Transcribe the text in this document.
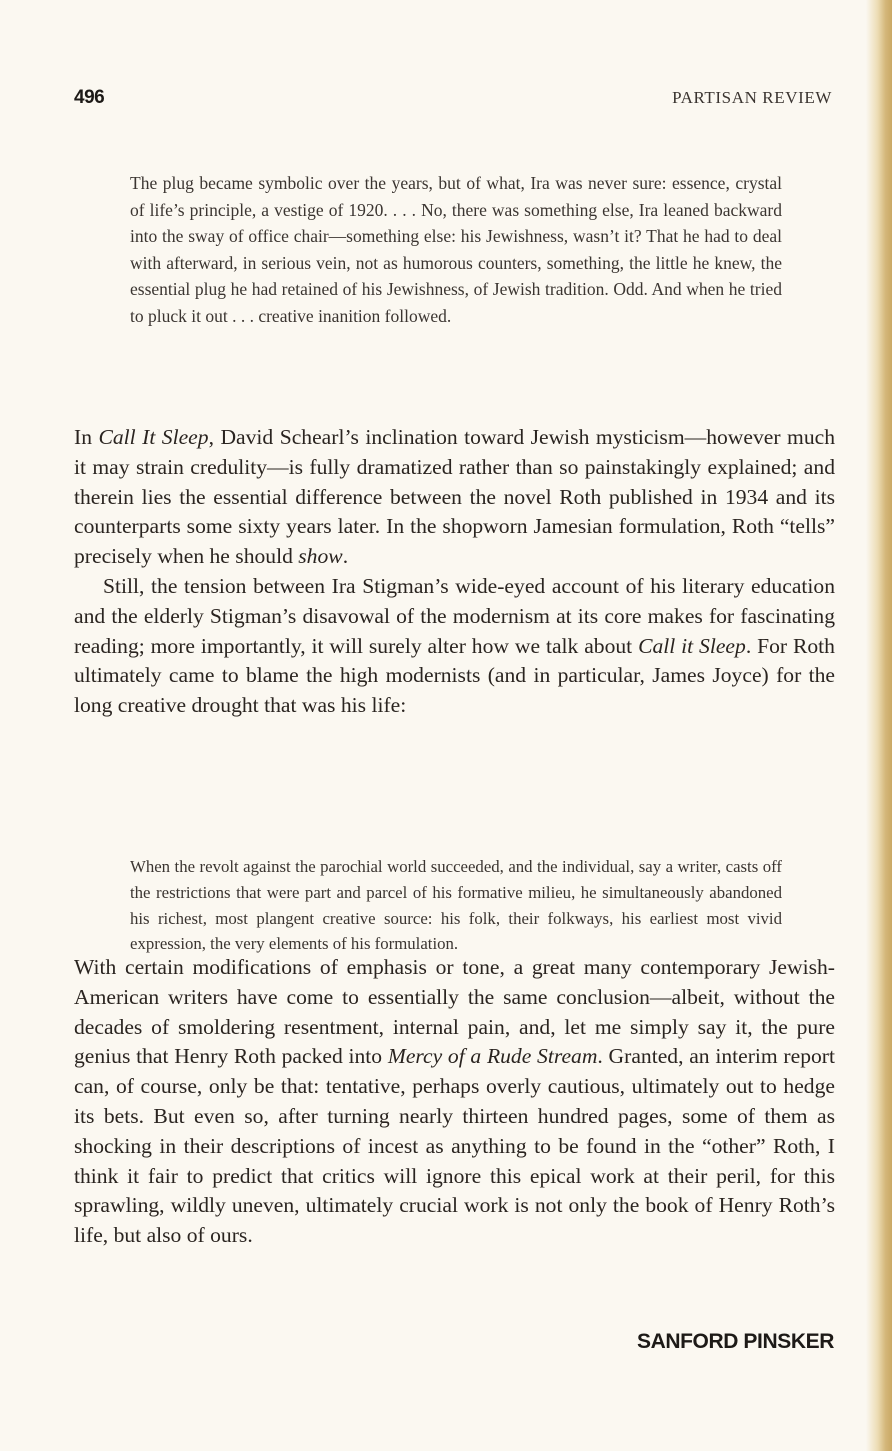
496	PARTISAN REVIEW
The plug became symbolic over the years, but of what, Ira was never sure: essence, crystal of life’s principle, a vestige of 1920. . . . No, there was something else, Ira leaned backward into the sway of office chair—something else: his Jewishness, wasn’t it? That he had to deal with afterward, in serious vein, not as humorous counters, something, the little he knew, the essential plug he had retained of his Jewishness, of Jewish tradition. Odd. And when he tried to pluck it out . . . creative inanition followed.

In Call It Sleep, David Schearl’s inclination toward Jewish mysticism—however much it may strain credulity—is fully dramatized rather than so painstakingly explained; and therein lies the essential difference between the novel Roth published in 1934 and its counterparts some sixty years later. In the shopworn Jamesian formulation, Roth “tells” precisely when he should show.

Still, the tension between Ira Stigman’s wide-eyed account of his literary education and the elderly Stigman’s disavowal of the modernism at its core makes for fascinating reading; more importantly, it will surely alter how we talk about Call it Sleep. For Roth ultimately came to blame the high modernists (and in particular, James Joyce) for the long creative drought that was his life:

When the revolt against the parochial world succeeded, and the individual, say a writer, casts off the restrictions that were part and parcel of his formative milieu, he simultaneously abandoned his richest, most plangent creative source: his folk, their folkways, his earliest most vivid expression, the very elements of his formulation.

With certain modifications of emphasis or tone, a great many contemporary Jewish-American writers have come to essentially the same conclusion—albeit, without the decades of smoldering resentment, internal pain, and, let me simply say it, the pure genius that Henry Roth packed into Mercy of a Rude Stream. Granted, an interim report can, of course, only be that: tentative, perhaps overly cautious, ultimately out to hedge its bets. But even so, after turning nearly thirteen hundred pages, some of them as shocking in their descriptions of incest as anything to be found in the “other” Roth, I think it fair to predict that critics will ignore this epical work at their peril, for this sprawling, wildly uneven, ultimately crucial work is not only the book of Henry Roth’s life, but also of ours.

SANFORD PINSKER
